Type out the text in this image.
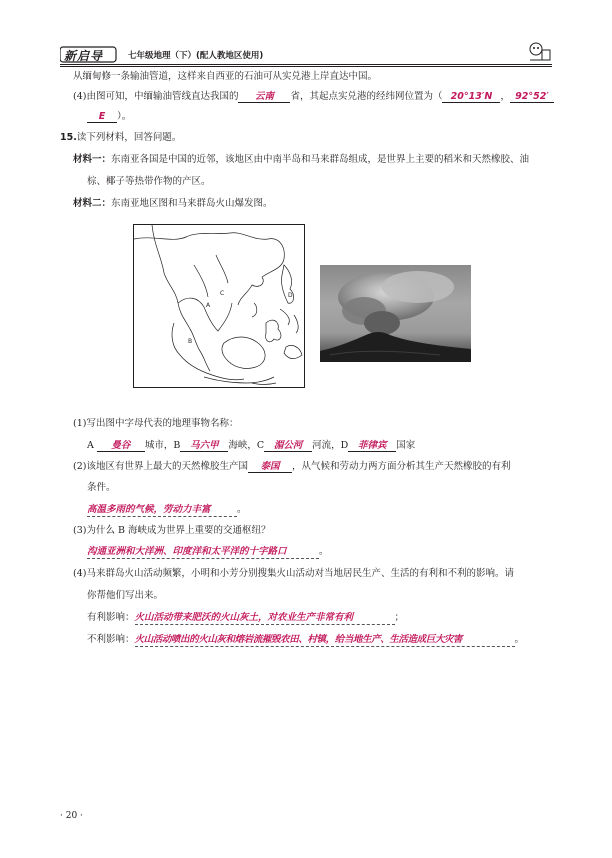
新启导	七年级地理（下）(配人教地区使用)
从缅甸修一条输油管道，这样来自西亚的石油可从实兑港上岸直达中国。
(4)由图可知，中缅输油管线直达我国的 云南 省，其起点实兑港的经纬网位置为（ 20°13′N ， 92°52′
E ）。
15.读下列材料，回答问题。
材料一：东南亚各国是中国的近邻，该地区由中南半岛和马来群岛组成，是世界上主要的稻米和天然橡胶、油
棕、椰子等热带作物的产区。
材料二：东南亚地区图和马来群岛火山爆发图。
A
B
C	D
(1)写出图中字母代表的地理事物名称：
A 曼谷 城市，B 马六甲 海峡，C 湄公河 河流，D 菲律宾 国家
(2)该地区有世界上最大的天然橡胶生产国 泰国 ，从气候和劳动力两方面分析其生产天然橡胶的有利
条件。
高温多雨的气候，劳动力丰富	。
(3)为什么 B 海峡成为世界上重要的交通枢纽？
沟通亚洲和大洋洲、印度洋和太平洋的十字路口	。
(4)马来群岛火山活动频繁，小明和小芳分别搜集火山活动对当地居民生产、生活的有利和不利的影响。请
你帮他们写出来。
有利影响：火山活动带来肥沃的火山灰土，对农业生产非常有利	；
不利影响：火山活动喷出的火山灰和熔岩流摧毁农田、村镇，给当地生产、生活造成巨大灾害	。
· 20 ·
